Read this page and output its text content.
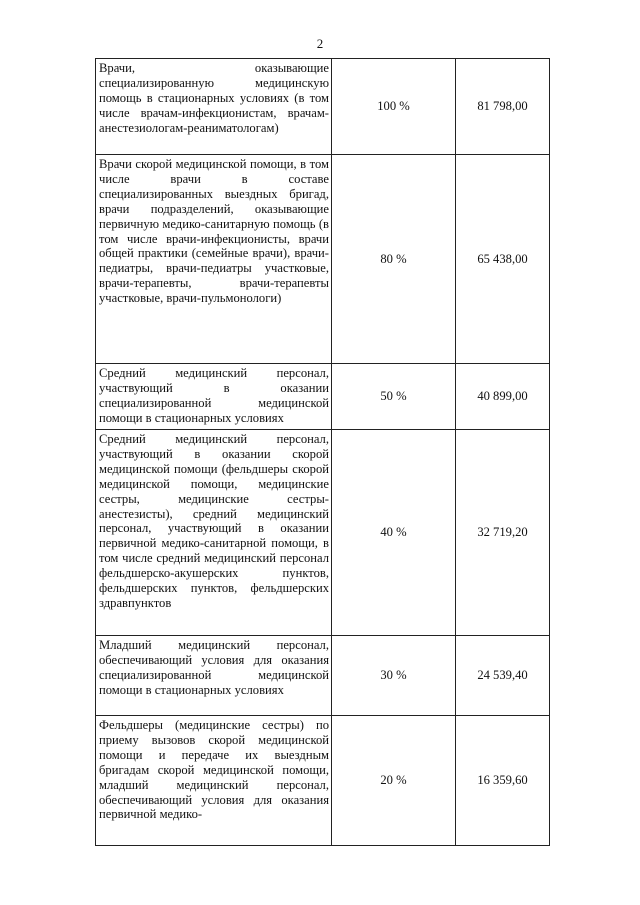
2
Врачи, оказывающие специализированную медицинскую помощь в стационарных условиях (в том числе врачам-инфекционистам, врачам-анестезиологам-реаниматологам)	100 %	81 798,00
Врачи скорой медицинской помощи, в том числе врачи в составе специализированных выездных бригад, врачи подразделений, оказывающие первичную медико-санитарную помощь (в том числе врачи-инфекционисты, врачи общей практики (семейные врачи), врачи-педиатры, врачи-педиатры участковые, врачи-терапевты, врачи-терапевты участковые, врачи-пульмонологи)	80 %	65 438,00
Средний медицинский персонал, участвующий в оказании специализированной медицинской помощи в стационарных условиях	50 %	40 899,00
Средний медицинский персонал, участвующий в оказании скорой медицинской помощи (фельдшеры скорой медицинской помощи, медицинские сестры, медицинские сестры-анестезисты), средний медицинский персонал, участвующий в оказании первичной медико-санитарной помощи, в том числе средний медицинский персонал фельдшерско-акушерских пунктов, фельдшерских пунктов, фельдшерских здравпунктов	40 %	32 719,20
Младший медицинский персонал, обеспечивающий условия для оказания специализированной медицинской помощи в стационарных условиях	30 %	24 539,40
Фельдшеры (медицинские сестры) по приему вызовов скорой медицинской помощи и передаче их выездным бригадам скорой медицинской помощи, младший медицинский персонал, обеспечивающий условия для оказания первичной медико-	20 %	16 359,60
